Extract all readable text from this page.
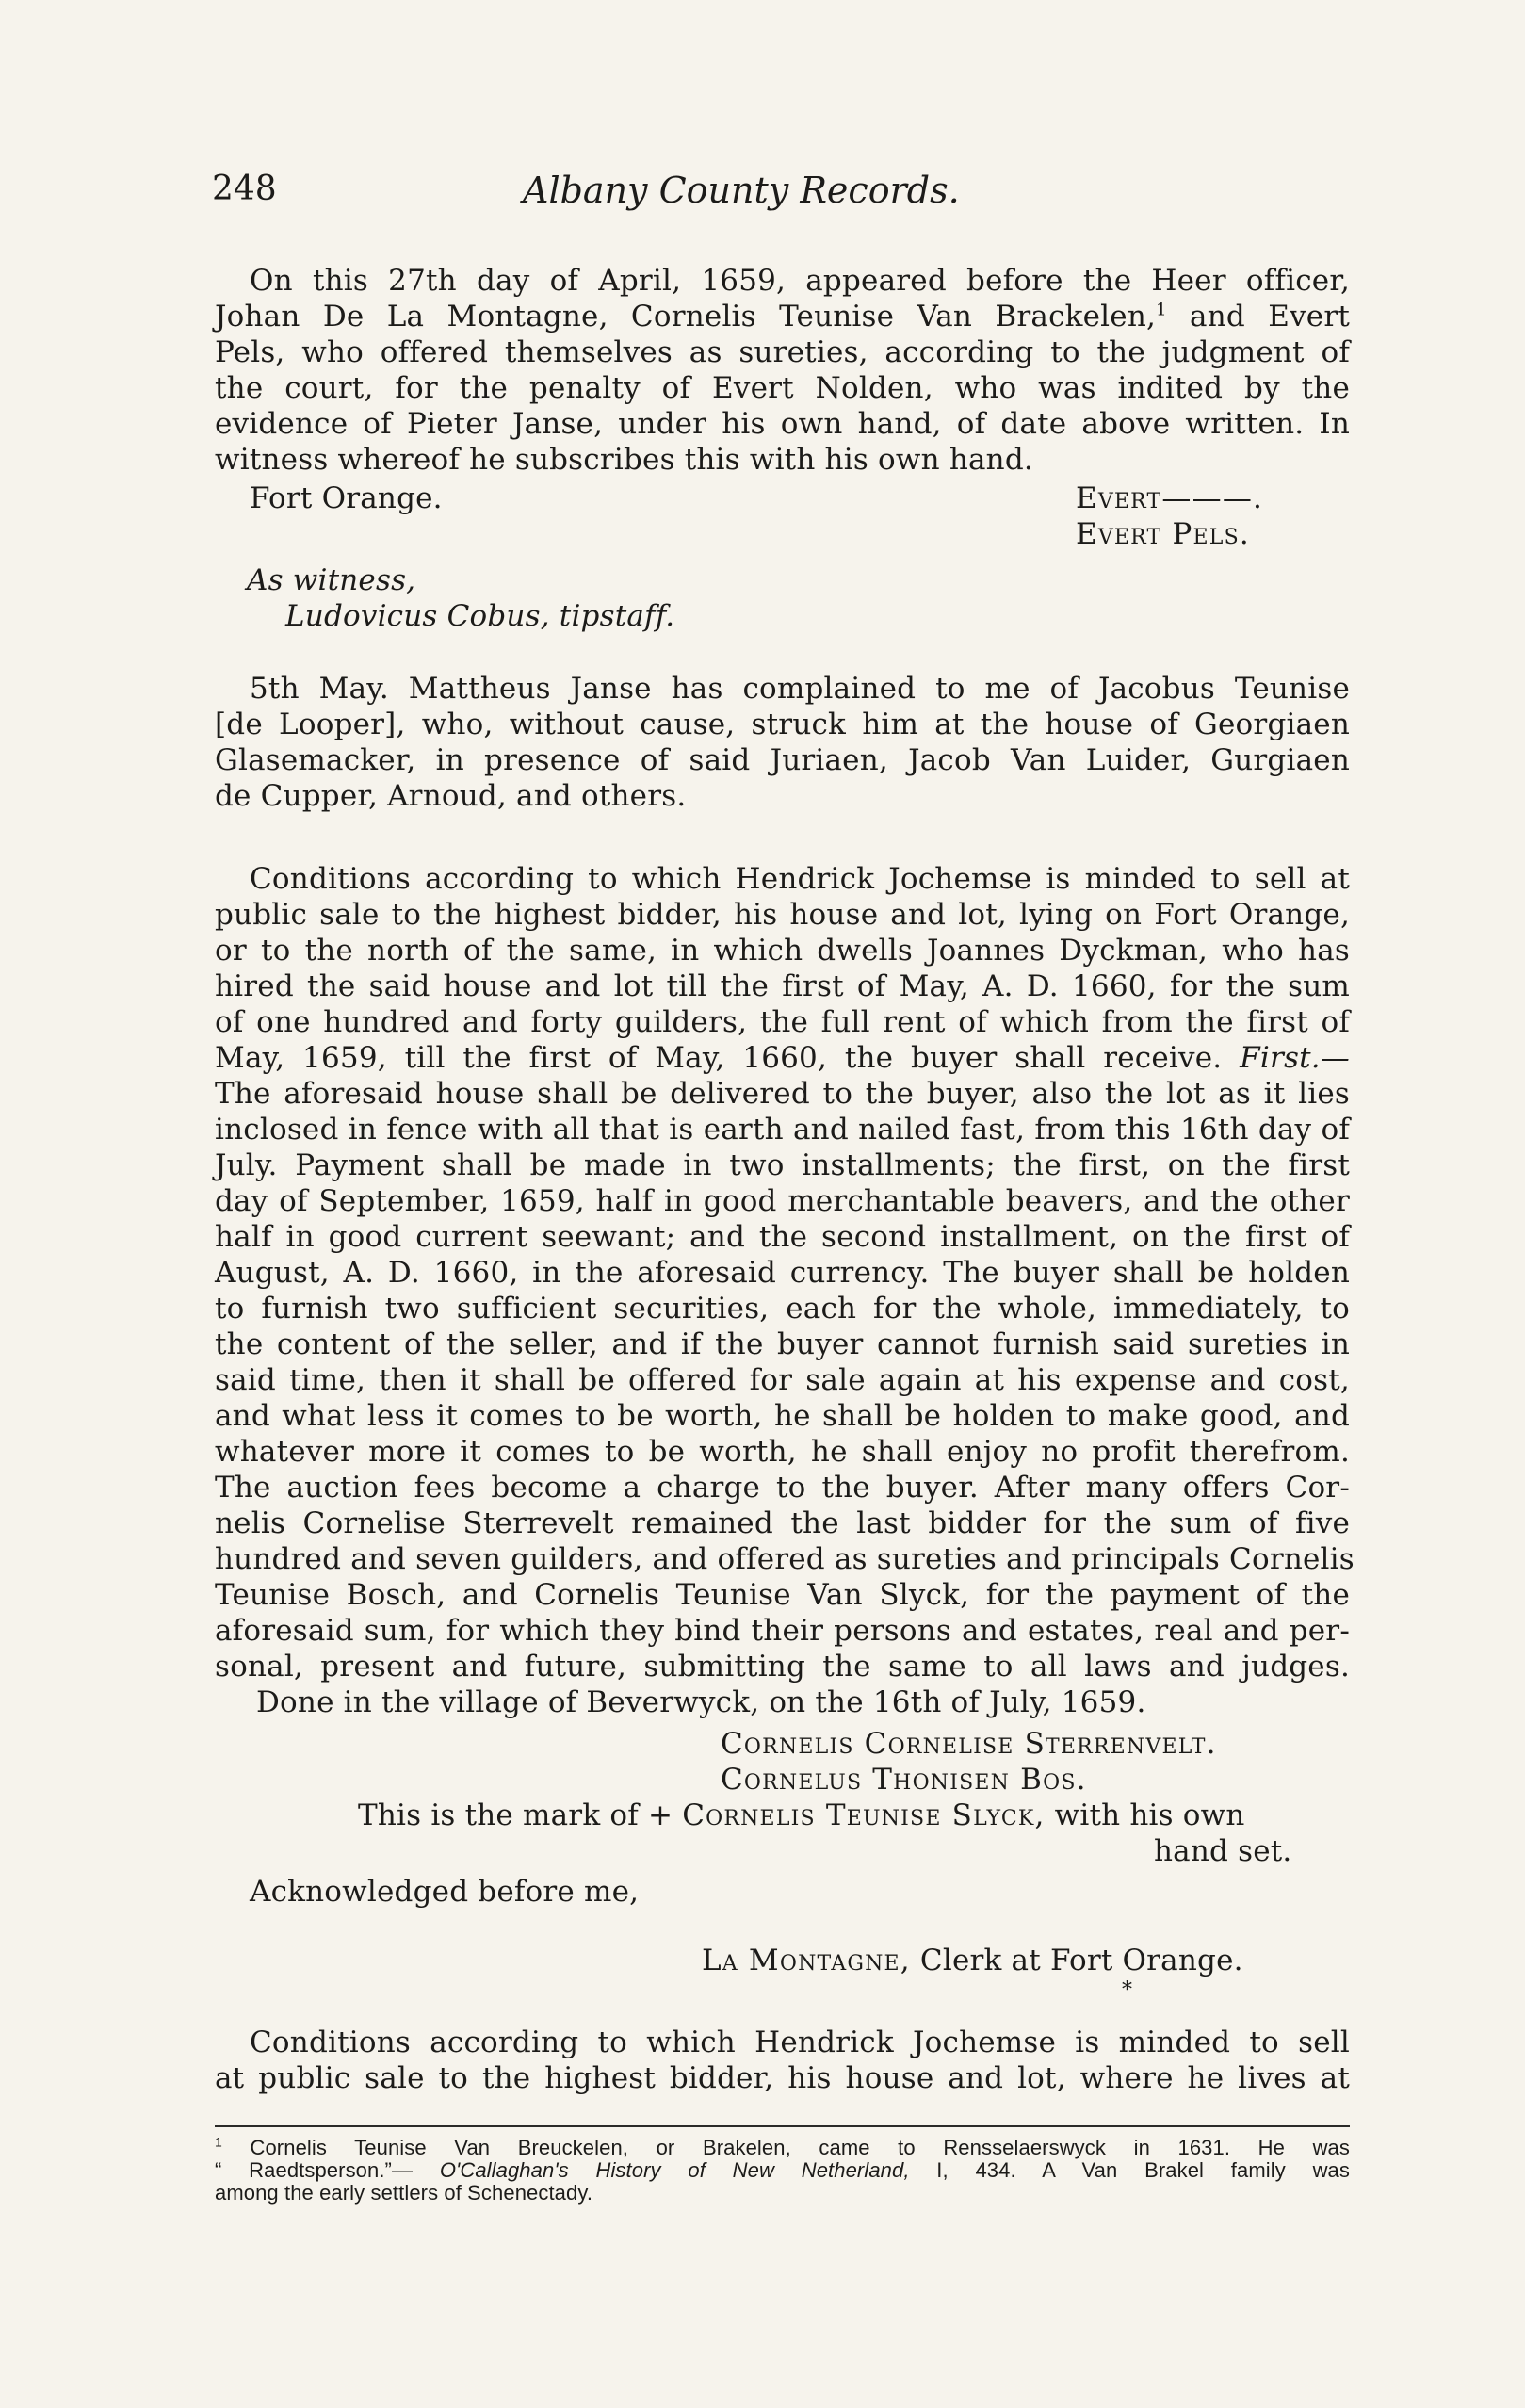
248	Albany County Records.
On this 27th day of April, 1659, appeared before the Heer officer,
Johan De La Montagne, Cornelis Teunise Van Brackelen,$^1$ and Evert
Pels, who offered themselves as sureties, according to the judgment of
the court, for the penalty of Evert Nolden, who was indited by the
evidence of Pieter Janse, under his own hand, of date above written. In
witness whereof he subscribes this with his own hand.
Fort Orange.	Evert———.
Evert Pels.
As witness,
Ludovicus Cobus, tipstaff.
5th May. Mattheus Janse has complained to me of Jacobus Teunise
[de Looper], who, without cause, struck him at the house of Georgiaen
Glasemacker, in presence of said Juriaen, Jacob Van Luider, Gurgiaen
de Cupper, Arnoud, and others.
Conditions according to which Hendrick Jochemse is minded to sell at
public sale to the highest bidder, his house and lot, lying on Fort Orange,
or to the north of the same, in which dwells Joannes Dyckman, who has
hired the said house and lot till the first of May, A. D. 1660, for the sum
of one hundred and forty guilders, the full rent of which from the first of
May, 1659, till the first of May, 1660, the buyer shall receive. First.—
The aforesaid house shall be delivered to the buyer, also the lot as it lies
inclosed in fence with all that is earth and nailed fast, from this 16th day of
July. Payment shall be made in two installments; the first, on the first
day of September, 1659, half in good merchantable beavers, and the other
half in good current seewant; and the second installment, on the first of
August, A. D. 1660, in the aforesaid currency. The buyer shall be holden
to furnish two sufficient securities, each for the whole, immediately, to
the content of the seller, and if the buyer cannot furnish said sureties in
said time, then it shall be offered for sale again at his expense and cost,
and what less it comes to be worth, he shall be holden to make good, and
whatever more it comes to be worth, he shall enjoy no profit therefrom.
The auction fees become a charge to the buyer. After many offers Cor-
nelis Cornelise Sterrevelt remained the last bidder for the sum of five
hundred and seven guilders, and offered as sureties and principals Cornelis
Teunise Bosch, and Cornelis Teunise Van Slyck, for the payment of the
aforesaid sum, for which they bind their persons and estates, real and per-
sonal, present and future, submitting the same to all laws and judges.
Done in the village of Beverwyck, on the 16th of July, 1659.
Cornelis Cornelise Sterrenvelt.
Cornelus Thonisen Bos.
This is the mark of + Cornelis Teunise Slyck, with his own
hand set.
Acknowledged before me,
La Montagne, Clerk at Fort Orange.
*
Conditions according to which Hendrick Jochemse is minded to sell
at public sale to the highest bidder, his house and lot, where he lives at
$^1$ Cornelis Teunise Van Breuckelen, or Brakelen, came to Rensselaerswyck in 1631. He was
“ Raedtsperson.”— O'Callaghan's History of New Netherland, I, 434. A Van Brakel family was
among the early settlers of Schenectady.
